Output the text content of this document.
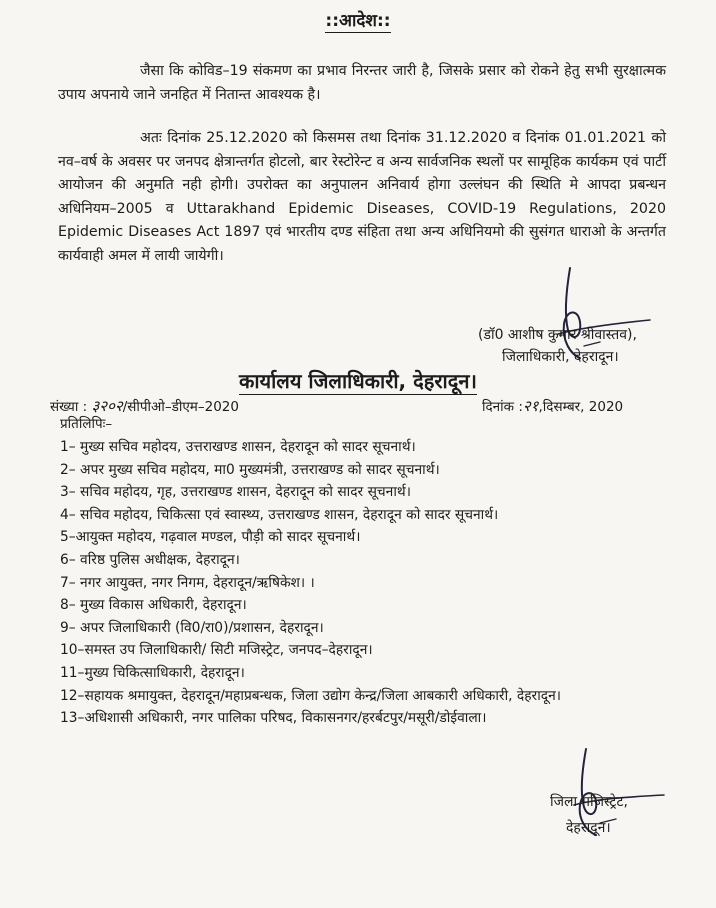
::आदेश::
जैसा कि कोविड–19 संकमण का प्रभाव निरन्तर जारी है, जिसके प्रसार को रोकने हेतु सभी सुरक्षात्मक उपाय अपनाये जाने जनहित में नितान्त आवश्यक है।
अतः दिनांक 25.12.2020 को किसमस तथा दिनांक 31.12.2020 व दिनांक 01.01.2021 को नव–वर्ष के अवसर पर जनपद क्षेत्रान्तर्गत होटलो, बार रेस्टोरेन्ट व अन्य सार्वजनिक स्थलों पर सामूहिक कार्यकम एवं पार्टी आयोजन की अनुमति नही होगी। उपरोक्त का अनुपालन अनिवार्य होगा उल्लंघन की स्थिति मे आपदा प्रबन्धन अधिनियम–2005 व Uttarakhand Epidemic Diseases, COVID-19 Regulations, 2020 Epidemic Diseases Act 1897 एवं भारतीय दण्ड संहिता तथा अन्य अधिनियमो की सुसंगत धाराओ के अन्तर्गत कार्यवाही अमल में लायी जायेगी।
(डॉ0 आशीष कुमार श्रीवास्तव),
जिलाधिकारी, देहरादून।
कार्यालय जिलाधिकारी, देहरादून।
संख्या : ३२०२/सीपीओ–डीएम–2020	दिनांक :२१,दिसम्बर, 2020
प्रतिलिपिः–
1– मुख्य सचिव महोदय, उत्तराखण्ड शासन, देहरादून को सादर सूचनार्थ।
2– अपर मुख्य सचिव महोदय, मा0 मुख्यमंत्री, उत्तराखण्ड को सादर सूचनार्थ।
3– सचिव महोदय, गृह, उत्तराखण्ड शासन, देहरादून को सादर सूचनार्थ।
4– सचिव महोदय, चिकित्सा एवं स्वास्थ्य, उत्तराखण्ड शासन, देहरादून को सादर सूचनार्थ।
5–आयुक्त महोदय, गढ़वाल मण्डल, पौड़ी को सादर सूचनार्थ।
6– वरिष्ठ पुलिस अधीक्षक, देहरादून।
7– नगर आयुक्त, नगर निगम, देहरादून/ऋषिकेश। ।
8– मुख्य विकास अधिकारी, देहरादून।
9– अपर जिलाधिकारी (वि0/रा0)/प्रशासन, देहरादून।
10–समस्त उप जिलाधिकारी/ सिटी मजिस्ट्रेट, जनपद–देहरादून।
11–मुख्य चिकित्साधिकारी, देहरादून।
12–सहायक श्रमायुक्त, देहरादून/महाप्रबन्धक, जिला उद्योग केन्द्र/जिला आबकारी अधिकारी, देहरादून।
13–अधिशासी अधिकारी, नगर पालिका परिषद, विकासनगर/हरर्बटपुर/मसूरी/डोईवाला।
जिला मजिस्ट्रेट,
देहरादून।
